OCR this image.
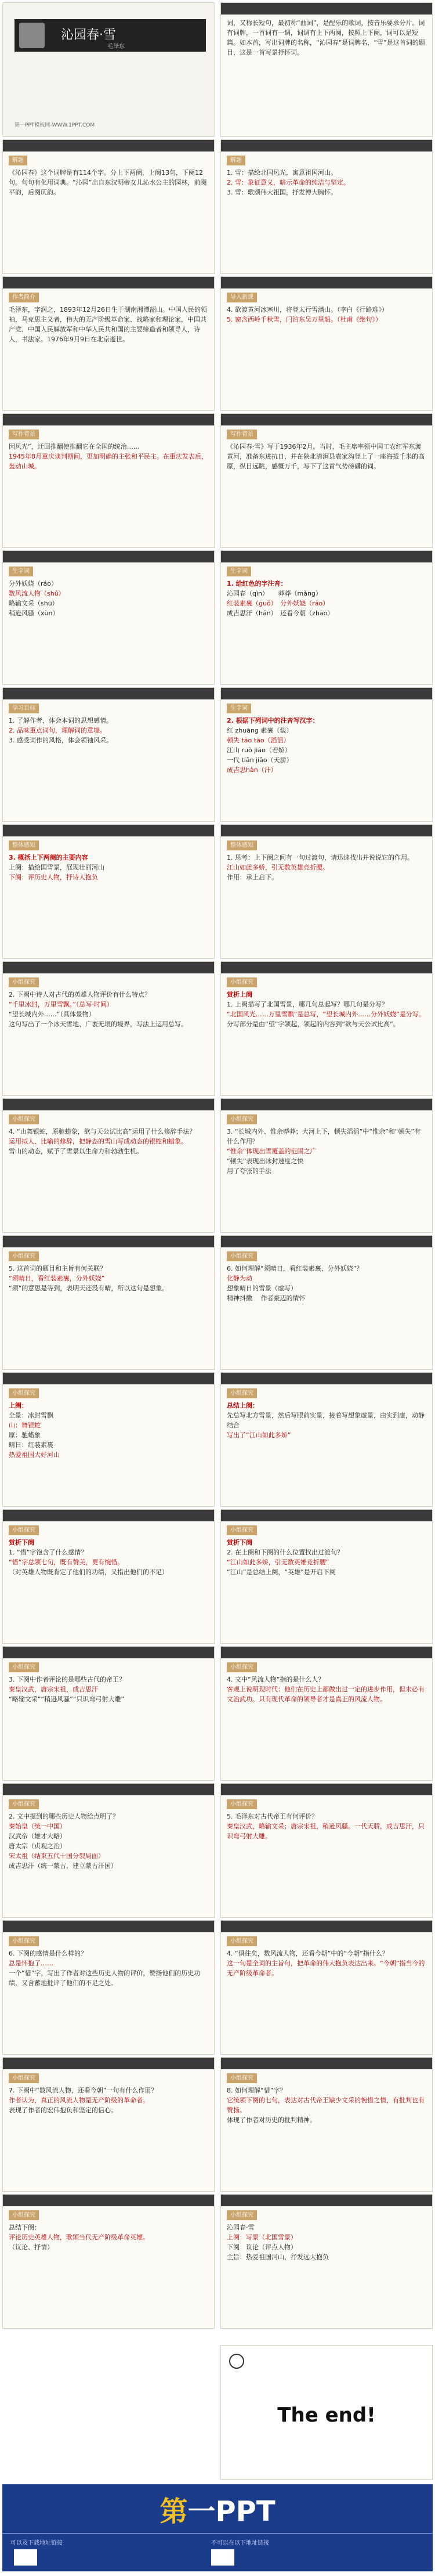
沁园春·雪
毛泽东
第一PPT模板网-WWW.1PPT.COM
词，又称长短句，最初称“曲词”，是配乐的歌词，按音乐要求分片。词有词牌，一首词有一调，词调有上下两阕，按照上下阕，词可以是短篇。如本首，写出词牌的名称，“沁园春”是词牌名，“雪”是这首词的题目，这是一首写景抒怀词。
解题
《沁园春》这个词牌是有114个字。分上下两阕，上阕13句，下阕12句。句句有化用词典。“沁园”出自东汉明帝女儿沁水公主的园林，前阕平韵，后阕仄韵。
解题
1. 雪：描绘北国风光，寓意祖国河山。
2. 雪：象征意义，暗示革命的纯洁与坚定。
3. 雪：歌颂伟大祖国，抒发博大胸怀。
作者简介
毛泽东，字润之，1893年12月26日生于湖南湘潭韶山。中国人民的领袖，马克思主义者，伟大的无产阶级革命家、战略家和理论家，中国共产党、中国人民解放军和中华人民共和国的主要缔造者和领导人，诗人，书法家。1976年9月9日在北京逝世。
导入新课
4. 欲渡黄河冰塞川，将登太行雪满山。（李白《行路难》）
5. 窗含西岭千秋雪，门泊东吴万里船。（杜甫《绝句》）
写作背景
因风光”，迂回推翻使推翻它在全国的统治……
1945年8月重庆谈判期间，更加明确的主张和平民主。在重庆发表后，轰动山城。
写作背景
《沁园春·雪》写于1936年2月。当时，毛主席率领中国工农红军东渡黄河，准备东进抗日，并在陕北清涧县袁家沟登上了一座海拔千米的高原，纵目远眺，感慨万千，写下了这首气势磅礴的词。
生字词
分外妖娆（ráo）
数风流人物（shǔ）
略输文采（shū）
稍逊风骚（xùn）
生字词
1. 给红色的字注音：
沁园春（qìn）　　莽莽（mǎng）
红装素裹（guǒ）　分外妖娆（ráo）
成吉思汗（hán）　还看今朝（zhāo）
学习目标
1. 了解作者，体会本词的思想感情。
2. 品味重点词句，理解词的意境。
3. 感受词作的风格，体会领袖风采。
生字词
2. 根据下列词中的注音写汉字：
红 zhuāng 素裹（装）
顿失 tāo tāo（滔滔）
江山 ruò jiāo（若娇）
一代 tiān jiāo（天骄）
成吉思hàn（汗）
整体感知
3. 概括上下两阕的主要内容
上阕：描绘国雪景，展现壮丽河山
下阕：评历史人物，抒诗人抱负
整体感知
1. 思考：上下阕之间有一句过渡句，请迅速找出并说说它的作用。
江山如此多娇，引无数英雄竞折腰。
作用：承上启下。
小组探究
2. 下阙中诗人对古代的英雄人物评价有什么特点？
“千里冰封，万里雪飘。”（总写·时间）
“望长城内外……”（具体景物）
这句写出了一个冰天雪地、广袤无垠的境界，写法上运用总写。
小组探究
赏析上阕
1. 上阙描写了北国雪景，哪几句总起写？哪几句是分写？
“北国风光……万里雪飘”是总写，“望长城内外……分外妖娆”是分写。
分写部分是由“望”字领起，领起的内容到“欲与天公试比高”。
小组探究
4. “山舞银蛇，原驰蜡象，欲与天公试比高”运用了什么修辞手法？
运用拟人、比喻的修辞，把静态的雪山写成动态的银蛇和蜡象。
雪山的动态，赋予了雪景以生命力和勃勃生机。
小组探究
3. “长城内外、惟余莽莽；大河上下，顿失滔滔”中“惟余”和“顿失”有什么作用？
“惟余”体现出雪覆盖的范围之广
“顿失”表现出冰封速度之快
用了夸张的手法
小组探究
5. 这首词的题目和主旨有何关联？
“须晴日，看红装素裹，分外妖娆”
“须”的意思是等到，表明天还没有晴，所以这句是想象。
小组探究
6. 如何理解“须晴日，看红装素裹，分外妖娆”？
化静为动
想象晴日的雪景（虚写）
精神抖擞 　作者豪迈的情怀
小组探究
上阙：
全景：冰封雪飘
山：舞银蛇
原：驰蜡象
晴日：红装素裹
热爱祖国大好河山
小组探究
总结上阕：
先总写北方雪景，然后写眼前实景，接着写想象虚景，由实到虚，动静结合
写出了“江山如此多娇”
小组探究
赏析下阕
1. “惜”字饱含了什么感情？
“惜”字总领七句，既有赞美，更有惋惜。
（对英雄人物既肯定了他们的功绩，又指出他们的不足）
小组探究
赏析下阕
2. 在上阕和下阕的什么位置找出过渡句？
“江山如此多娇，引无数英雄竞折腰”
“江山”是总结上阕，“英雄”是开启下阕
小组探究
3. 下阕中作者评论的是哪些古代的帝王？
秦皇汉武，唐宗宋祖，成吉思汗
“略输文采”“稍逊风骚”“只识弯弓射大雕”
小组探究
4. 文中“风流人物”指的是什么人？
客观上说明现时代：他们在历史上都做出过一定的进步作用，但未必有文治武功。只有现代革命的领导者才是真正的风流人物。
小组探究
2. 文中提到的哪些历史人物给点明了？
秦始皇（统一中国）
汉武帝（雄才大略）
唐太宗（贞观之治）
宋太祖（结束五代十国分裂局面）
成吉思汗（统一蒙古，建立蒙古汗国）
小组探究
5. 毛泽东对古代帝王有何评价？
秦皇汉武，略输文采；唐宗宋祖，稍逊风骚。一代天骄，成吉思汗，只识弯弓射大雕。
小组探究
6. 下阕的感情是什么样的？
总是怀抱了……
一个“惜”字，写出了作者对这些历史人物的评价，赞扬他们的历史功绩，又含蓄地批评了他们的不足之处。
小组探究
4. “俱往矣，数风流人物，还看今朝”中的“今朝”指什么？
这一句是全词的主旨句，把革命的伟大抱负表达出来。“今朝”指当今的无产阶级革命者。
小组探究
7. 下阙中“数风流人物，还看今朝”一句有什么作用？
作者认为，真正的风流人物是无产阶级的革命者。
表现了作者的宏伟抱负和坚定的信心。
小组探究
8. 如何理解“惜”字？
它统领下阕的七句，表达对古代帝王缺少文采的惋惜之情，有批判也有赞扬。
体现了作者对历史的批判精神。
小组探究
总结下阕：
评论历史英雄人物，歌颂当代无产阶级革命英雄。
（议论、抒情）
小组探究
沁园春·雪
上阕：写景（北国雪景）
下阕：议论（评点人物）
主旨：热爱祖国河山，抒发远大抱负
The end!
第一PPT
可以及下载地址链接	不可以在以下地址链接
